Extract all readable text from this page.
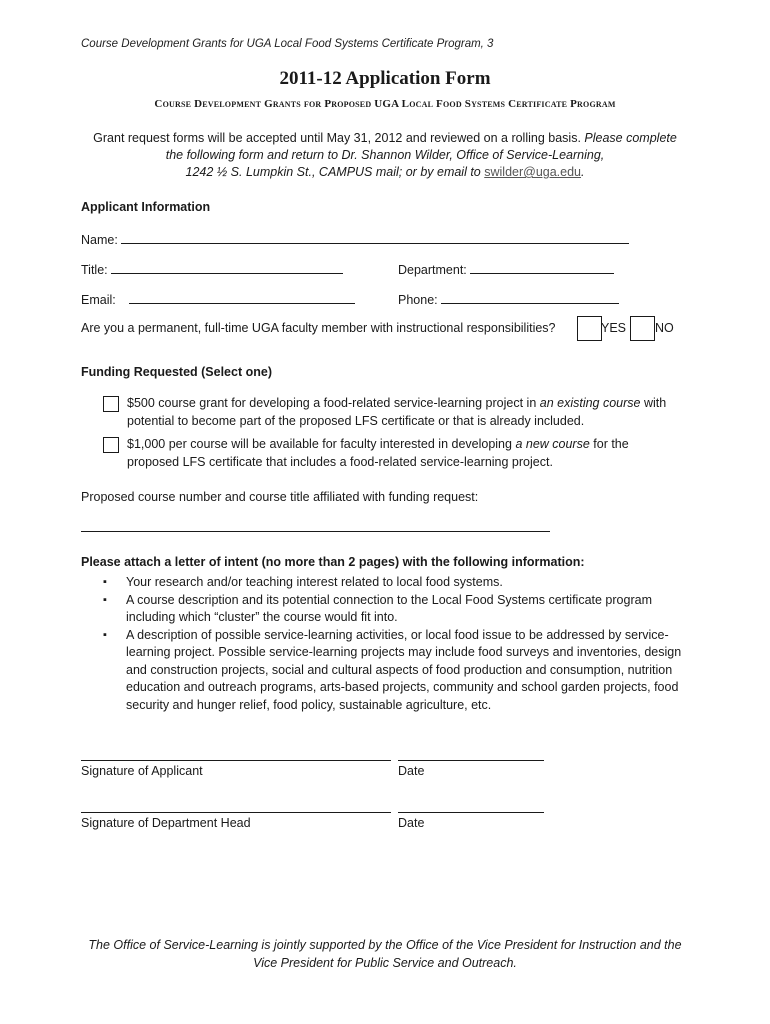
Course Development Grants for UGA Local Food Systems Certificate Program, 3
2011-12 Application Form
Course Development Grants for Proposed UGA Local Food Systems Certificate Program
Grant request forms will be accepted until May 31, 2012 and reviewed on a rolling basis. Please complete
the following form and return to Dr. Shannon Wilder, Office of Service-Learning,
1242 ½ S. Lumpkin St., CAMPUS mail; or by email to swilder@uga.edu.
Applicant Information
Name:
Title:	Department:
Email:	Phone:
Are you a permanent, full-time UGA faculty member with instructional responsibilities?	YES NO
Funding Requested (Select one)
$500 course grant for developing a food-related service-learning project in an existing course with
potential to become part of the proposed LFS certificate or that is already included.
$1,000 per course will be available for faculty interested in developing a new course for the
proposed LFS certificate that includes a food-related service-learning project.
Proposed course number and course title affiliated with funding request:
Please attach a letter of intent (no more than 2 pages) with the following information:
▪ Your research and/or teaching interest related to local food systems.
▪ A course description and its potential connection to the Local Food Systems certificate program including which “cluster” the course would fit into.
▪ A description of possible service-learning activities, or local food issue to be addressed by service-learning project. Possible service-learning projects may include food surveys and inventories, design and construction projects, social and cultural aspects of food production and consumption, nutrition education and outreach programs, arts-based projects, community and school garden projects, food security and hunger relief, food policy, sustainable agriculture, etc.
Signature of Applicant	Date
Signature of Department Head	Date
The Office of Service-Learning is jointly supported by the Office of the Vice President for Instruction and the
Vice President for Public Service and Outreach.
